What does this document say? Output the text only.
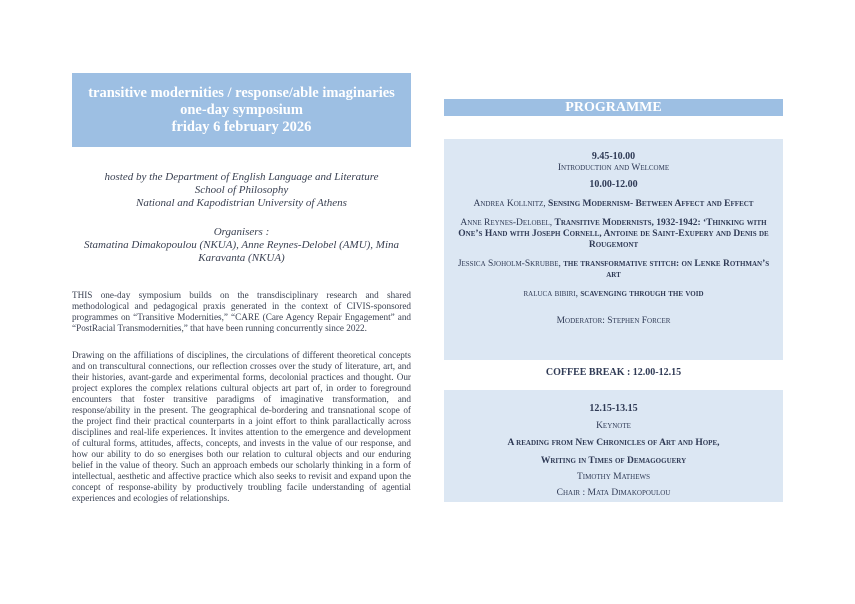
transitive modernities / response/able imaginaries
one-day symposium
friday 6 february 2026

hosted by the Department of English Language and Literature

School of Philosophy

National and Kapodistrian University of Athens

Organisers :

Stamatina Dimakopoulou (NKUA), Anne Reynes-Delobel (AMU), Mina Karavanta (NKUA)

THIS one-day symposium builds on the transdisciplinary research and shared methodological and pedagogical praxis generated in the context of CIVIS-sponsored programmes on “Transitive Modernities,” “CARE (Care Agency Repair Engagement” and “PostRacial Transmodernities,” that have been running concurrently since 2022.

Drawing on the affiliations of disciplines, the circulations of different theoretical concepts and on transcultural connections, our reflection crosses over the study of literature, art, and their histories, avant-garde and experimental forms, decolonial practices and thought. Our project explores the complex relations cultural objects art part of, in order to foreground encounters that foster transitive paradigms of imaginative transformation, and response/ability in the present. The geographical de-bordering and transnational scope of the project find their practical counterparts in a joint effort to think parallactically across disciplines and real-life experiences. It invites attention to the emergence and development of cultural forms, attitudes, affects, concepts, and invests in the value of our response, and how our ability to do so energises both our relation to cultural objects and our enduring belief in the value of theory. Such an approach embeds our scholarly thinking in a form of intellectual, aesthetic and affective practice which also seeks to revisit and expand upon the concept of response-ability by productively troubling facile understanding of agential experiences and ecologies of relationships.

PROGRAMME

9.45-10.00

Introduction and Welcome

10.00-12.00

Andrea Kollnitz, Sensing Modernism- Between Affect and Effect

Anne Reynes-Delobel, Transitive Modernists, 1932-1942: ‘Thinking with One’s Hand with Joseph Cornell, Antoine de Saint-Exupery and Denis de Rougemont

Jessica Sjoholm-Skrubbe, the transformative stitch: on Lenke Rothman’s art

raluca bibiri, scavenging through the void

Moderator: Stephen Forcer

COFFEE BREAK : 12.00-12.15

12.15-13.15

Keynote

A reading from New Chronicles of Art and Hope,

Writing in Times of Demagoguery

Timothy Mathews

Chair : Mata Dimakopoulou
